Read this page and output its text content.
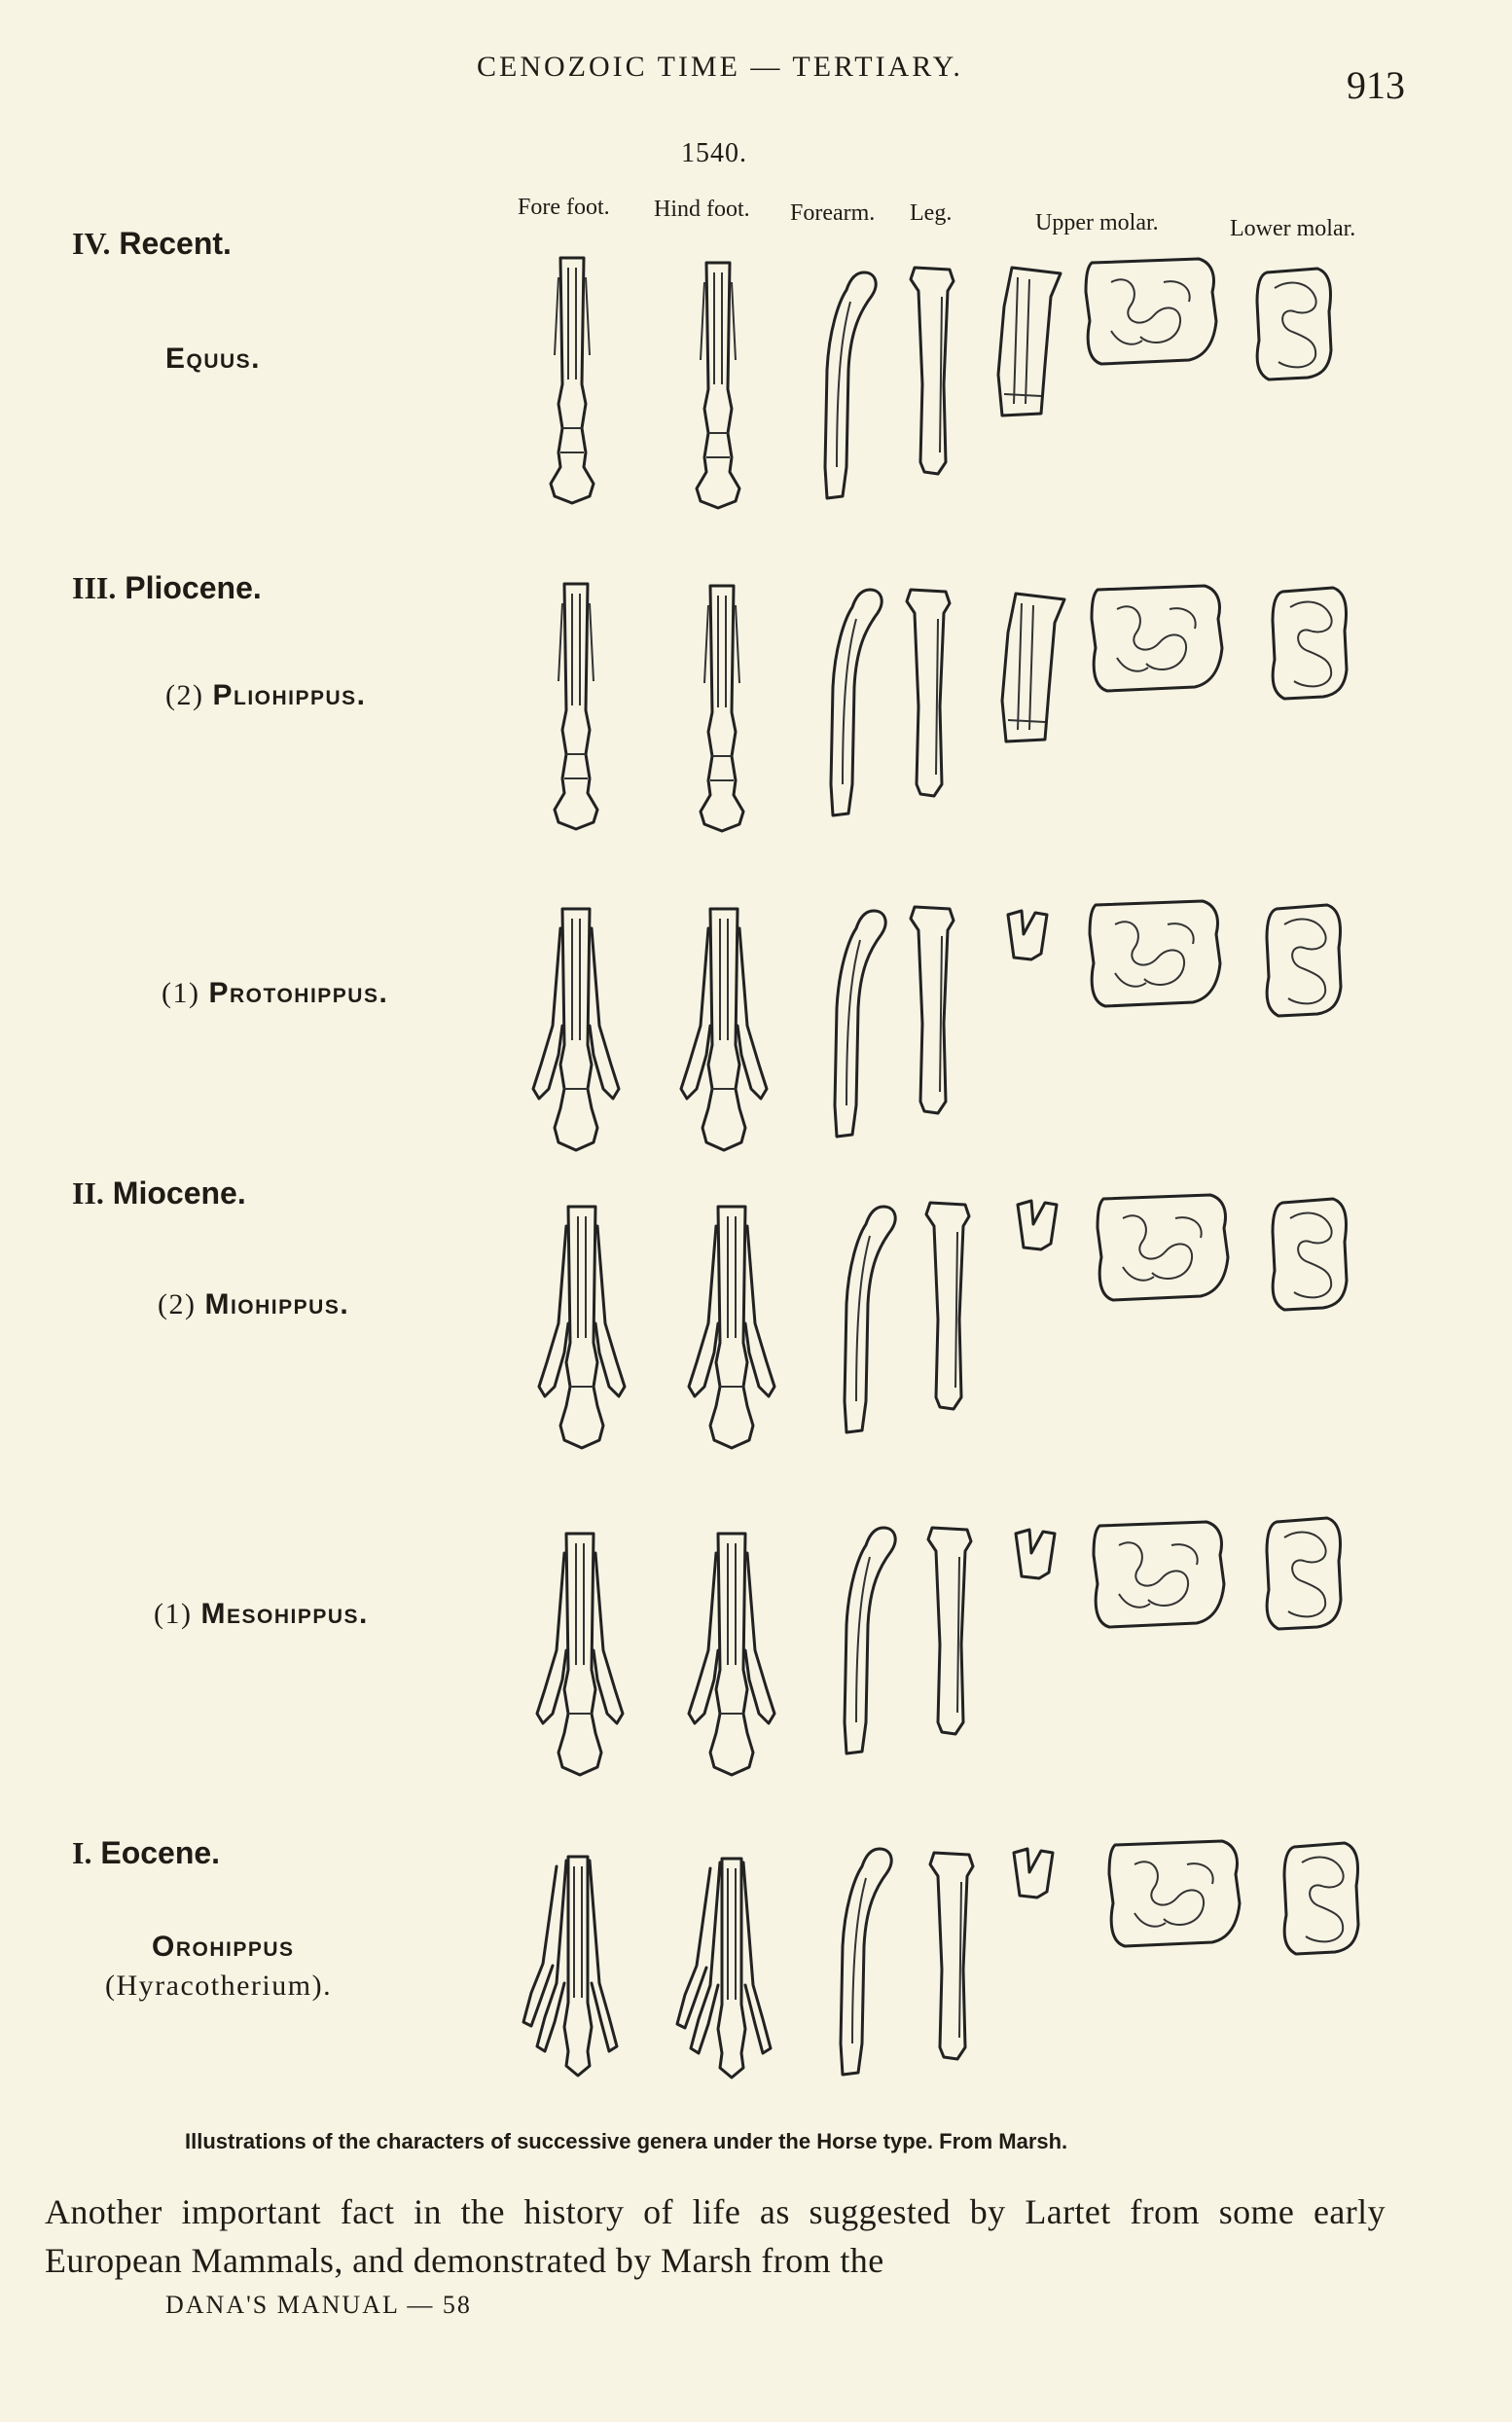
CENOZOIC TIME — TERTIARY.	913
1540.
Fore foot. Hind foot. Forearm. Leg.	Upper molar.	Lower molar.
IV. Recent.
III. Pliocene.
II. Miocene.
I. Eocene.
Equus.
(2) Pliohippus.
(1) Protohippus.
(2) Miohippus.
(1) Mesohippus.
Orohippus
(Hyracotherium).
Illustrations of the characters of successive genera under the Horse type. From Marsh.
Another important fact in the history of life as suggested by Lartet from some early European Mammals, and demonstrated by Marsh from the
DANA'S MANUAL — 58
